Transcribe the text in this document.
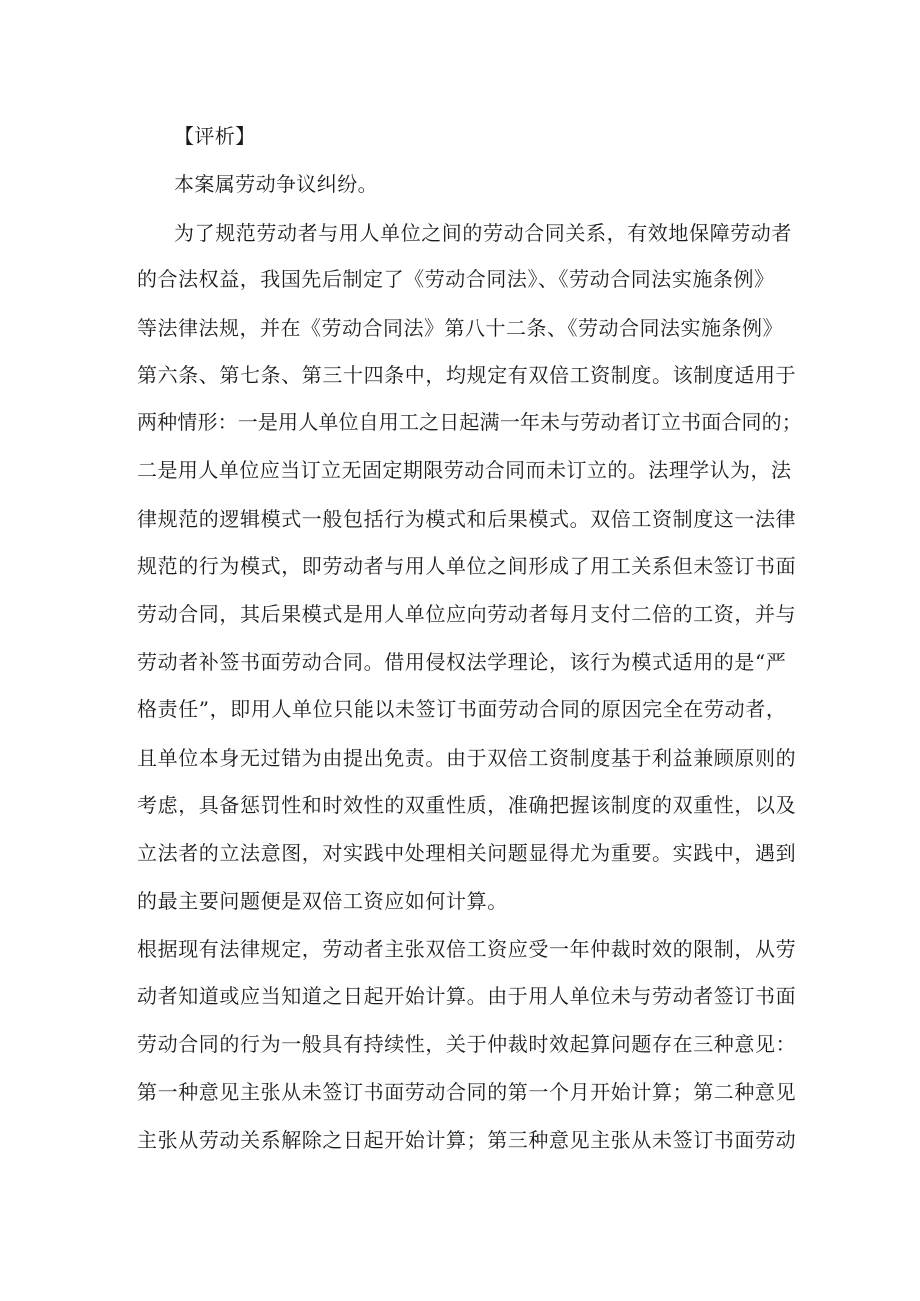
【评析】
本案属劳动争议纠纷。
为了规范劳动者与用人单位之间的劳动合同关系，有效地保障劳动者
的合法权益，我国先后制定了《劳动合同法》、《劳动合同法实施条例》
等法律法规，并在《劳动合同法》第八十二条、《劳动合同法实施条例》
第六条、第七条、第三十四条中，均规定有双倍工资制度。该制度适用于
两种情形：一是用人单位自用工之日起满一年未与劳动者订立书面合同的；
二是用人单位应当订立无固定期限劳动合同而未订立的。法理学认为，法
律规范的逻辑模式一般包括行为模式和后果模式。双倍工资制度这一法律
规范的行为模式，即劳动者与用人单位之间形成了用工关系但未签订书面
劳动合同，其后果模式是用人单位应向劳动者每月支付二倍的工资，并与
劳动者补签书面劳动合同。借用侵权法学理论，该行为模式适用的是“严
格责任”，即用人单位只能以未签订书面劳动合同的原因完全在劳动者，
且单位本身无过错为由提出免责。由于双倍工资制度基于利益兼顾原则的
考虑，具备惩罚性和时效性的双重性质，准确把握该制度的双重性，以及
立法者的立法意图，对实践中处理相关问题显得尤为重要。实践中，遇到
的最主要问题便是双倍工资应如何计算。
根据现有法律规定，劳动者主张双倍工资应受一年仲裁时效的限制，从劳
动者知道或应当知道之日起开始计算。由于用人单位未与劳动者签订书面
劳动合同的行为一般具有持续性，关于仲裁时效起算问题存在三种意见：
第一种意见主张从未签订书面劳动合同的第一个月开始计算；第二种意见
主张从劳动关系解除之日起开始计算；第三种意见主张从未签订书面劳动
